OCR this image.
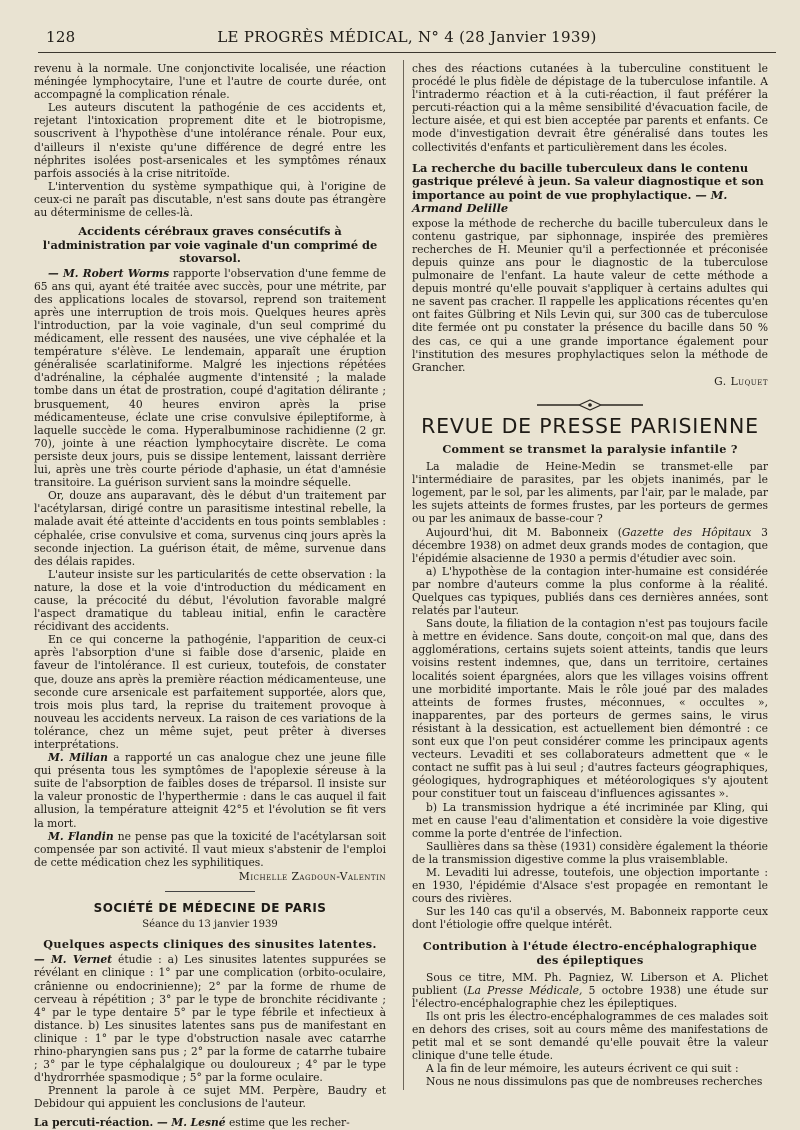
128	LE PROGRÈS MÉDICAL, N° 4 (28 Janvier 1939)

revenu à la normale. Une conjonctivite localisée, une réaction méningée lymphocytaire, l'une et l'autre de courte durée, ont accompagné la complication rénale.

Les auteurs discutent la pathogénie de ces accidents et, rejetant l'intoxication proprement dite et le biotropisme, souscrivent à l'hypothèse d'une intolérance rénale. Pour eux, d'ailleurs il n'existe qu'une différence de degré entre les néphrites isolées post-arsenicales et les symptômes rénaux parfois associés à la crise nitritoïde.

L'intervention du système sympathique qui, à l'origine de ceux-ci ne paraît pas discutable, n'est sans doute pas étrangère au déterminisme de celles-là.

Accidents cérébraux graves consécutifs à l'administration par voie vaginale d'un comprimé de stovarsol.

— M. Robert Worms rapporte l'observation d'une femme de 65 ans qui, ayant été traitée avec succès, pour une métrite, par des applications locales de stovarsol, reprend son traitement après une interruption de trois mois. Quelques heures après l'introduction, par la voie vaginale, d'un seul comprimé du médicament, elle ressent des nausées, une vive céphalée et la température s'élève. Le lendemain, apparaît une éruption généralisée scarlatiniforme. Malgré les injections répétées d'adrénaline, la céphalée augmente d'intensité ; la malade tombe dans un état de prostration, coupé d'agitation délirante ; brusquement, 40 heures environ après la prise médicamenteuse, éclate une crise convulsive épileptiforme, à laquelle succède le coma. Hyperalbuminose rachidienne (2 gr. 70), jointe à une réaction lymphocytaire discrète. Le coma persiste deux jours, puis se dissipe lentement, laissant derrière lui, après une très courte période d'aphasie, un état d'amnésie transitoire. La guérison survient sans la moindre séquelle.

Or, douze ans auparavant, dès le début d'un traitement par l'acétylarsan, dirigé contre un parasitisme intestinal rebelle, la malade avait été atteinte d'accidents en tous points semblables : céphalée, crise convulsive et coma, survenus cinq jours après la seconde injection. La guérison était, de même, survenue dans des délais rapides.

L'auteur insiste sur les particularités de cette observation : la nature, la dose et la voie d'introduction du médicament en cause, la précocité du début, l'évolution favorable malgré l'aspect dramatique du tableau initial, enfin le caractère récidivant des accidents.

En ce qui concerne la pathogénie, l'apparition de ceux-ci après l'absorption d'une si faible dose d'arsenic, plaide en faveur de l'intolérance. Il est curieux, toutefois, de constater que, douze ans après la première réaction médicamenteuse, une seconde cure arsenicale est parfaitement supportée, alors que, trois mois plus tard, la reprise du traitement provoque à nouveau les accidents nerveux. La raison de ces variations de la tolérance, chez un même sujet, peut prêter à diverses interprétations.

M. Milian a rapporté un cas analogue chez une jeune fille qui présenta tous les symptômes de l'apoplexie séreuse à la suite de l'absorption de faibles doses de tréparsol. Il insiste sur la valeur pronostic de l'hyperthermie : dans le cas auquel il fait allusion, la température atteignit 42°5 et l'évolution se fit vers la mort.

M. Flandin ne pense pas que la toxicité de l'acétylarsan soit compensée par son activité. Il vaut mieux s'abstenir de l'emploi de cette médication chez les syphilitiques.

Michelle Zagdoun-Valentin
SOCIÉTÉ DE MÉDECINE DE PARIS
Séance du 13 janvier 1939
Quelques aspects cliniques des sinusites latentes.

— M. Vernet étudie : a) Les sinusites latentes suppurées se révélant en clinique : 1° par une complication (orbito-oculaire, crânienne ou endocrinienne); 2° par la forme de rhume de cerveau à répétition ; 3° par le type de bronchite récidivante ; 4° par le type dentaire 5° par le type fébrile et infectieux à distance. b) Les sinusites latentes sans pus de manifestant en clinique : 1° par le type d'obstruction nasale avec catarrhe rhino-pharyngien sans pus ; 2° par la forme de catarrhe tubaire ; 3° par le type céphalalgique ou douloureux ; 4° par le type d'hydrorrhée spasmodique ; 5° par la forme oculaire.

Prennent la parole à ce sujet MM. Perpère, Baudry et Debidour qui appuient les conclusions de l'auteur.

La percuti-réaction. — M. Lesné estime que les recher-

ches des réactions cutanées à la tuberculine constituent le procédé le plus fidèle de dépistage de la tuberculose infantile. A l'intradermo réaction et à la cuti-réaction, il faut préférer la percuti-réaction qui a la même sensibilité d'évacuation facile, de lecture aisée, et qui est bien acceptée par parents et enfants. Ce mode d'investigation devrait être généralisé dans toutes les collectivités d'enfants et particulièrement dans les écoles.

La recherche du bacille tuberculeux dans le contenu gastrique prélevé à jeun. Sa valeur diagnostique et son importance au point de vue prophylactique. — M. Armand Delille

expose la méthode de recherche du bacille tuberculeux dans le contenu gastrique, par siphonnage, inspirée des premières recherches de H. Meunier qu'il a perfectionnée et préconisée depuis quinze ans pour le diagnostic de la tuberculose pulmonaire de l'enfant. La haute valeur de cette méthode a depuis montré qu'elle pouvait s'appliquer à certains adultes qui ne savent pas cracher. Il rappelle les applications récentes qu'en ont faites Gülbring et Nils Levin qui, sur 300 cas de tuberculose dite fermée ont pu constater la présence du bacille dans 50 % des cas, ce qui a une grande importance également pour l'institution des mesures prophylactiques selon la méthode de Grancher.

G. Luquet
REVUE DE PRESSE PARISIENNE
Comment se transmet la paralysie infantile ?

La maladie de Heine-Medin se transmet-elle par l'intermédiaire de parasites, par les objets inanimés, par le logement, par le sol, par les aliments, par l'air, par le malade, par les sujets atteints de formes frustes, par les porteurs de germes ou par les animaux de basse-cour ?

Aujourd'hui, dit M. Babonneix (Gazette des Hôpitaux 3 décembre 1938) on admet deux grands modes de contagion, que l'épidémie alsacienne de 1930 a permis d'étudier avec soin.

a) L'hypothèse de la contagion inter-humaine est considérée par nombre d'auteurs comme la plus conforme à la réalité. Quelques cas typiques, publiés dans ces dernières années, sont relatés par l'auteur.

Sans doute, la filiation de la contagion n'est pas toujours facile à mettre en évidence. Sans doute, conçoit-on mal que, dans des agglomérations, certains sujets soient atteints, tandis que leurs voisins restent indemnes, que, dans un territoire, certaines localités soient épargnées, alors que les villages voisins offrent une morbidité importante. Mais le rôle joué par des malades atteints de formes frustes, méconnues, « occultes », inapparentes, par des porteurs de germes sains, le virus résistant à la dessication, est actuellement bien démontré : ce sont eux que l'on peut considérer comme les principaux agents vecteurs. Levaditi et ses collaborateurs admettent que « le contact ne suffit pas à lui seul ; d'autres facteurs géographiques, géologiques, hydrographiques et météorologiques s'y ajoutent pour constituer tout un faisceau d'influences agissantes ».

b) La transmission hydrique a été incriminée par Kling, qui met en cause l'eau d'alimentation et considère la voie digestive comme la porte d'entrée de l'infection.

Saullières dans sa thèse (1931) considère également la théorie de la transmission digestive comme la plus vraisemblable.

M. Levaditi lui adresse, toutefois, une objection importante : en 1930, l'épidémie d'Alsace s'est propagée en remontant le cours des rivières.

Sur les 140 cas qu'il a observés, M. Babonneix rapporte ceux dont l'étiologie offre quelque intérêt.

Contribution à l'étude électro-encéphalographique des épileptiques

Sous ce titre, MM. Ph. Pagniez, W. Liberson et A. Plichet publient (La Presse Médicale, 5 octobre 1938) une étude sur l'électro-encéphalographie chez les épileptiques.

Ils ont pris les électro-encéphalogrammes de ces malades soit en dehors des crises, soit au cours même des manifestations de petit mal et se sont demandé qu'elle pouvait être la valeur clinique d'une telle étude.

A la fin de leur mémoire, les auteurs écrivent ce qui suit :

Nous ne nous dissimulons pas que de nombreuses recherches
